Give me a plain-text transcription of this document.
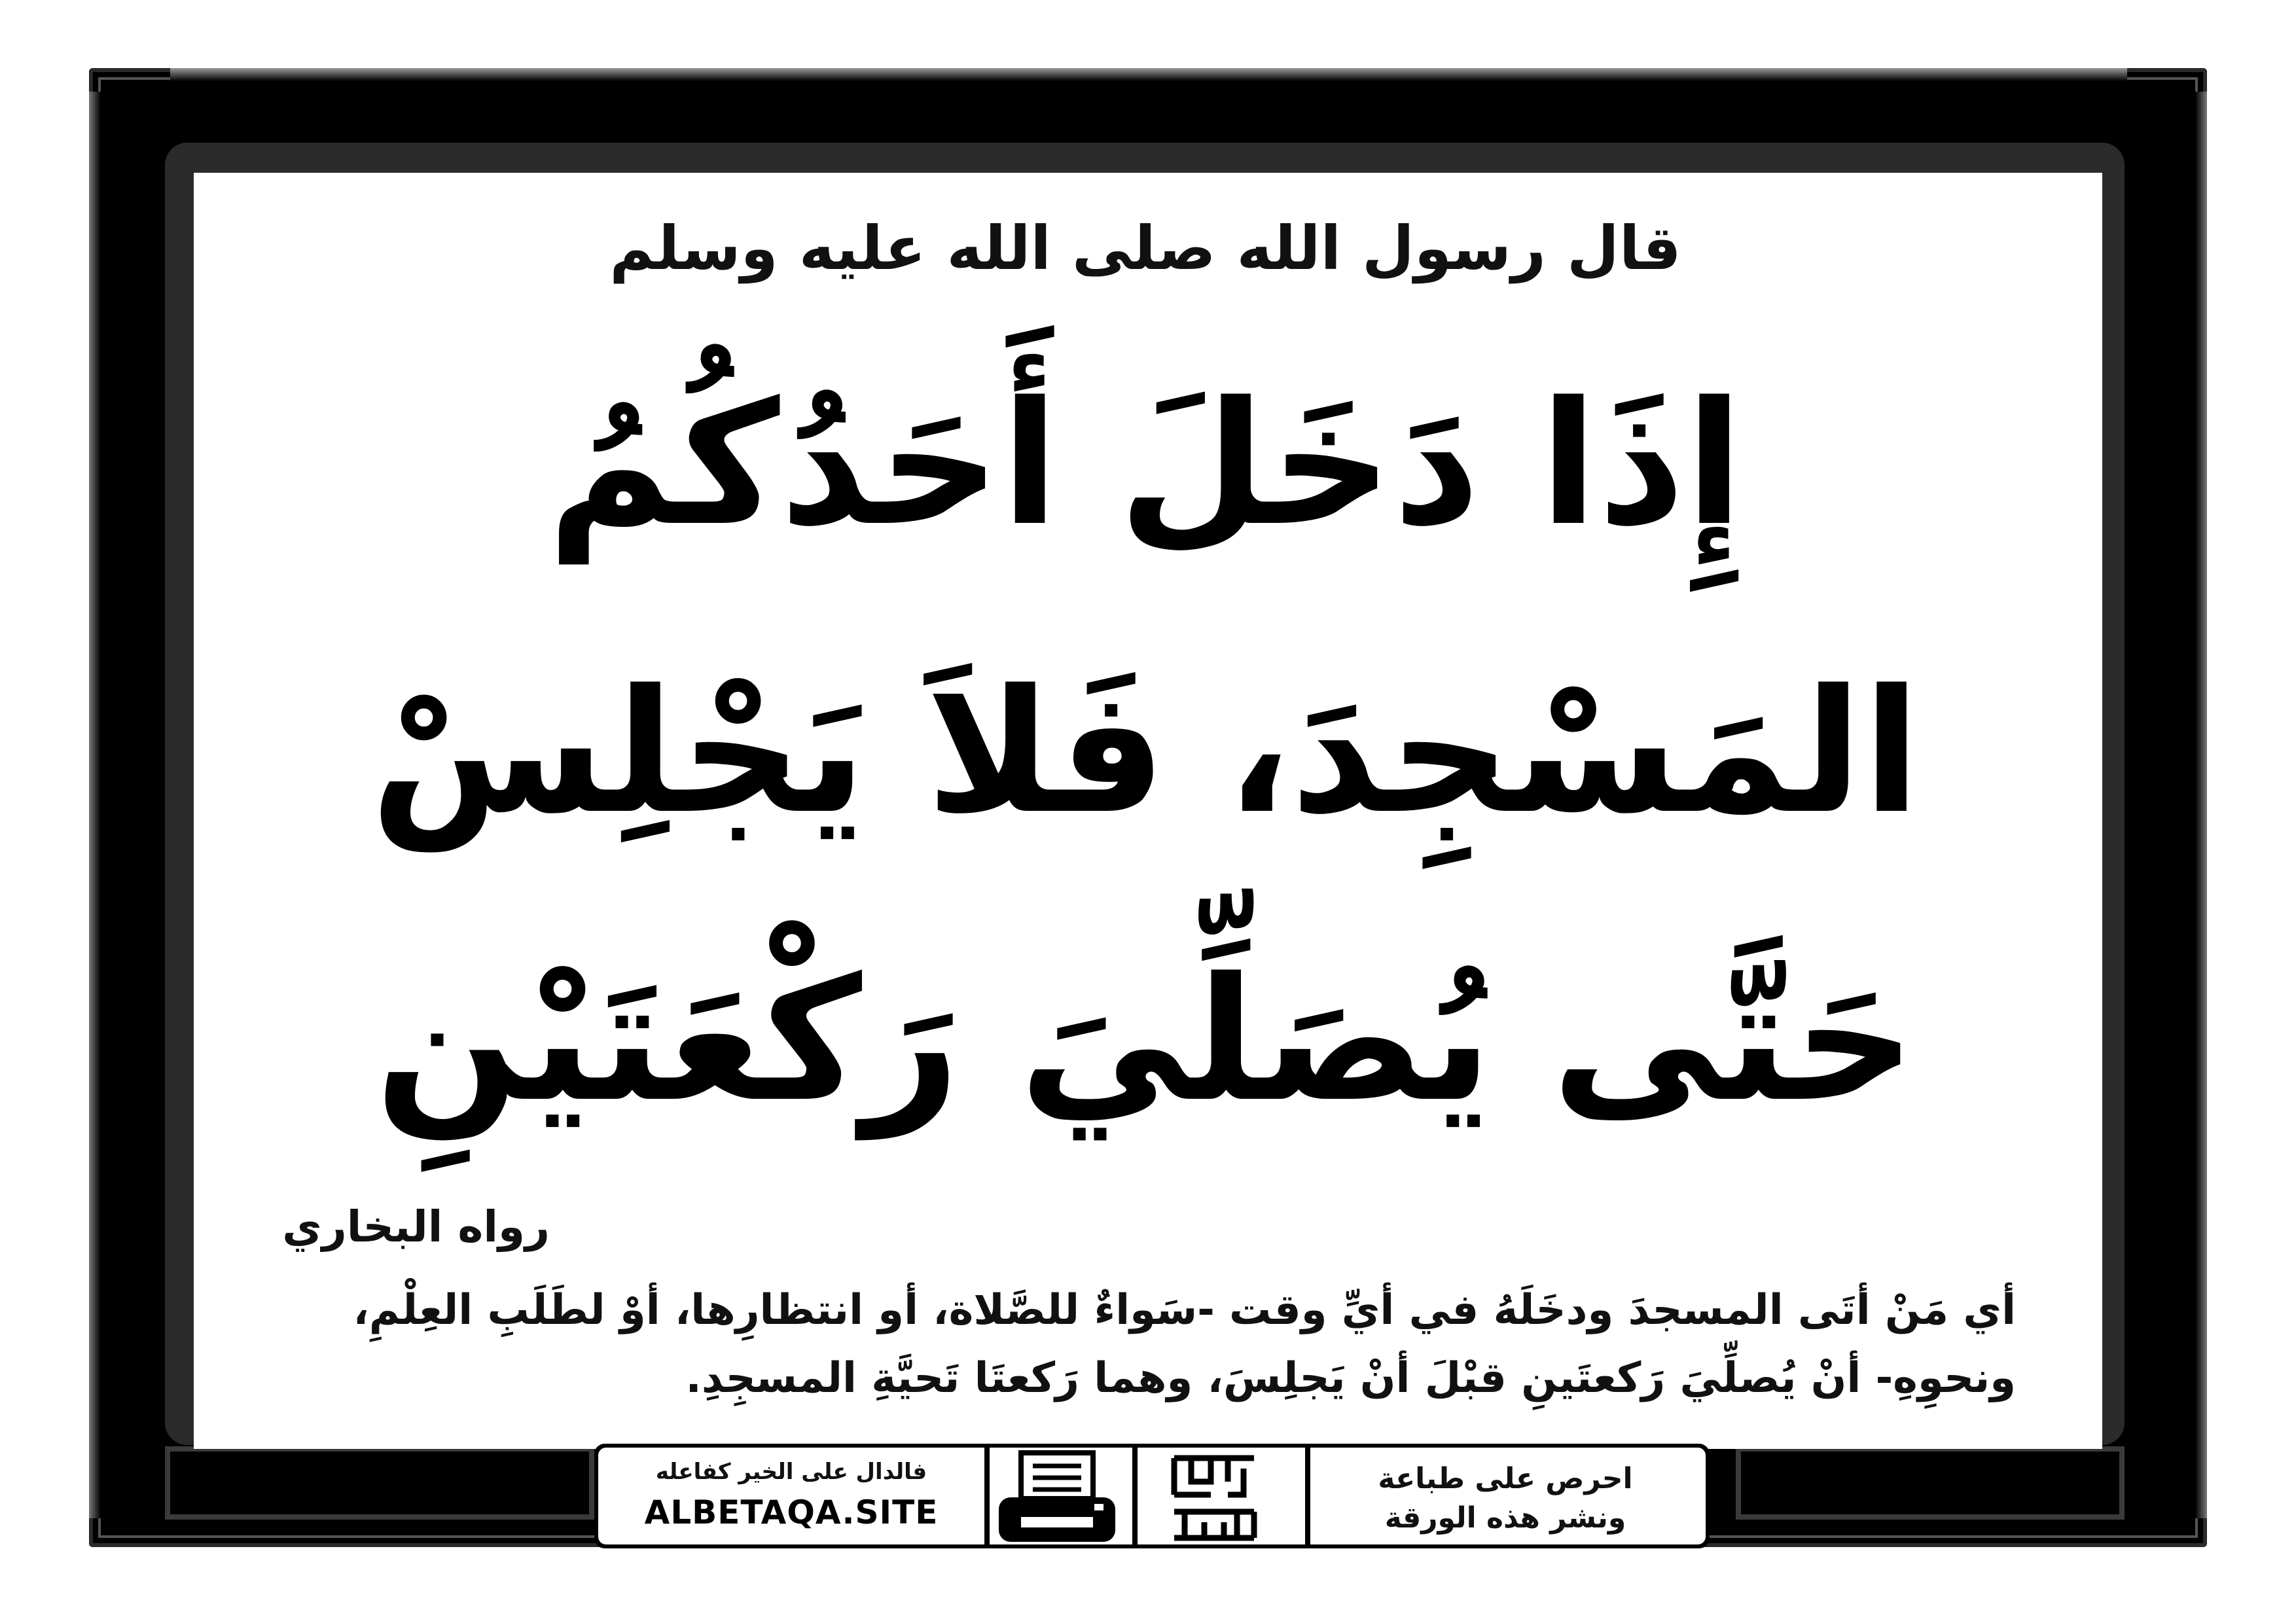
قال رسول الله صلى الله عليه وسلم
إِذَا دَخَلَ أَحَدُكُمُ
المَسْجِدَ، فَلاَ يَجْلِسْ
حَتَّى يُصَلِّيَ رَكْعَتَيْنِ
رواه البخاري
أي مَنْ أتَى المسجدَ ودخَلَهُ في أيِّ وقت -سَواءٌ للصَّلاة، أو انتظارِها، أوْ لطَلَبِ العِلْمِ، ونحوِهِ- أنْ يُصلِّيَ رَكعتَينِ قبْلَ أنْ يَجلِسَ، وهما رَكعتَا تَحيَّةِ المسجِدِ.
فالدال على الخير كفاعله
ALBETAQA.SITE
احرص على طباعة
ونشر هذه الورقة
